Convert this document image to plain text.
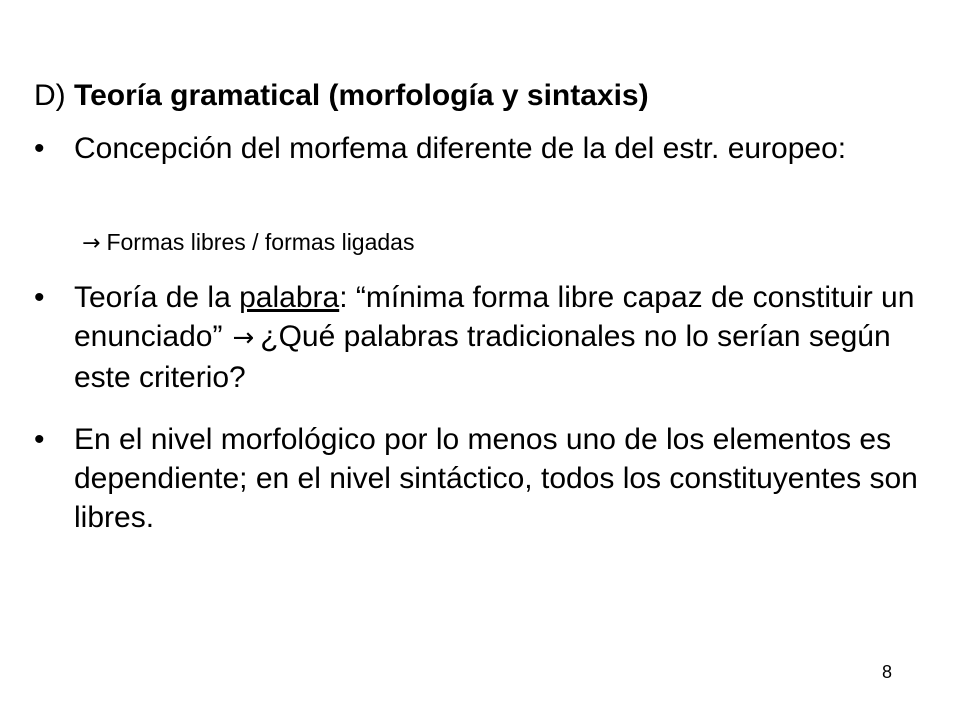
D) Teoría gramatical (morfología y sintaxis)
• Concepción del morfema diferente de la del estr. europeo:
→ Formas libres / formas ligadas
• Teoría de la palabra: “mínima forma libre capaz de constituir un enunciado” → ¿Qué palabras tradicionales no lo serían según este criterio?
• En el nivel morfológico por lo menos uno de los elementos es dependiente; en el nivel sintáctico, todos los constituyentes son libres.
8
